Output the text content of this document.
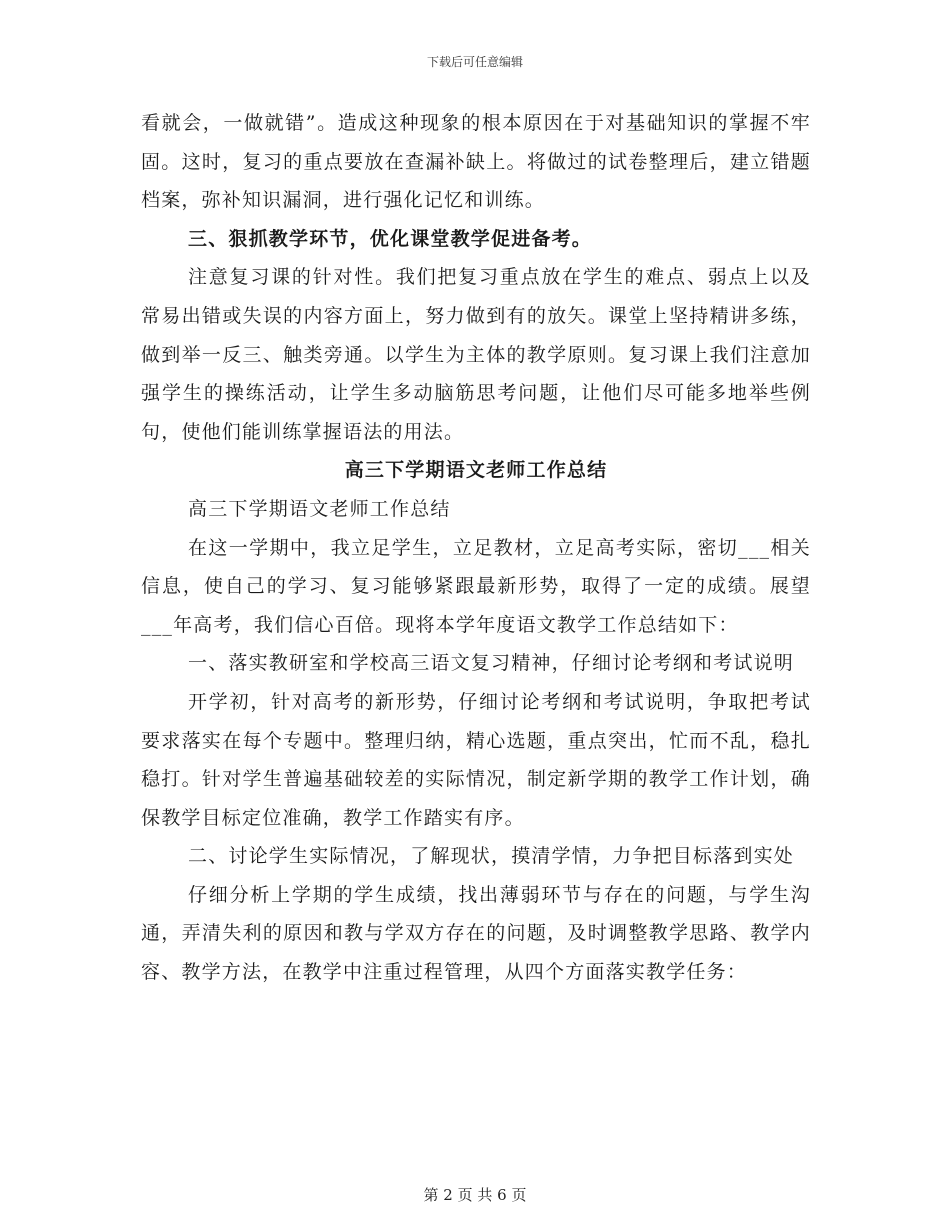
下载后可任意编辑

看就会，一做就错”。造成这种现象的根本原因在于对基础知识的掌握不牢固。这时，复习的重点要放在查漏补缺上。将做过的试卷整理后，建立错题档案，弥补知识漏洞，进行强化记忆和训练。

三、狠抓教学环节，优化课堂教学促进备考。

注意复习课的针对性。我们把复习重点放在学生的难点、弱点上以及常易出错或失误的内容方面上，努力做到有的放矢。课堂上坚持精讲多练，做到举一反三、触类旁通。以学生为主体的教学原则。复习课上我们注意加强学生的操练活动，让学生多动脑筋思考问题，让他们尽可能多地举些例句，使他们能训练掌握语法的用法。

高三下学期语文老师工作总结

高三下学期语文老师工作总结

在这一学期中，我立足学生，立足教材，立足高考实际，密切___相关信息，使自己的学习、复习能够紧跟最新形势，取得了一定的成绩。展望___年高考，我们信心百倍。现将本学年度语文教学工作总结如下：

一、落实教研室和学校高三语文复习精神，仔细讨论考纲和考试说明

开学初，针对高考的新形势，仔细讨论考纲和考试说明，争取把考试要求落实在每个专题中。整理归纳，精心选题，重点突出，忙而不乱，稳扎稳打。针对学生普遍基础较差的实际情况，制定新学期的教学工作计划，确保教学目标定位准确，教学工作踏实有序。

二、讨论学生实际情况，了解现状，摸清学情，力争把目标落到实处

仔细分析上学期的学生成绩，找出薄弱环节与存在的问题，与学生沟通，弄清失利的原因和教与学双方存在的问题，及时调整教学思路、教学内容、教学方法，在教学中注重过程管理，从四个方面落实教学任务：

第 2 页 共 6 页
